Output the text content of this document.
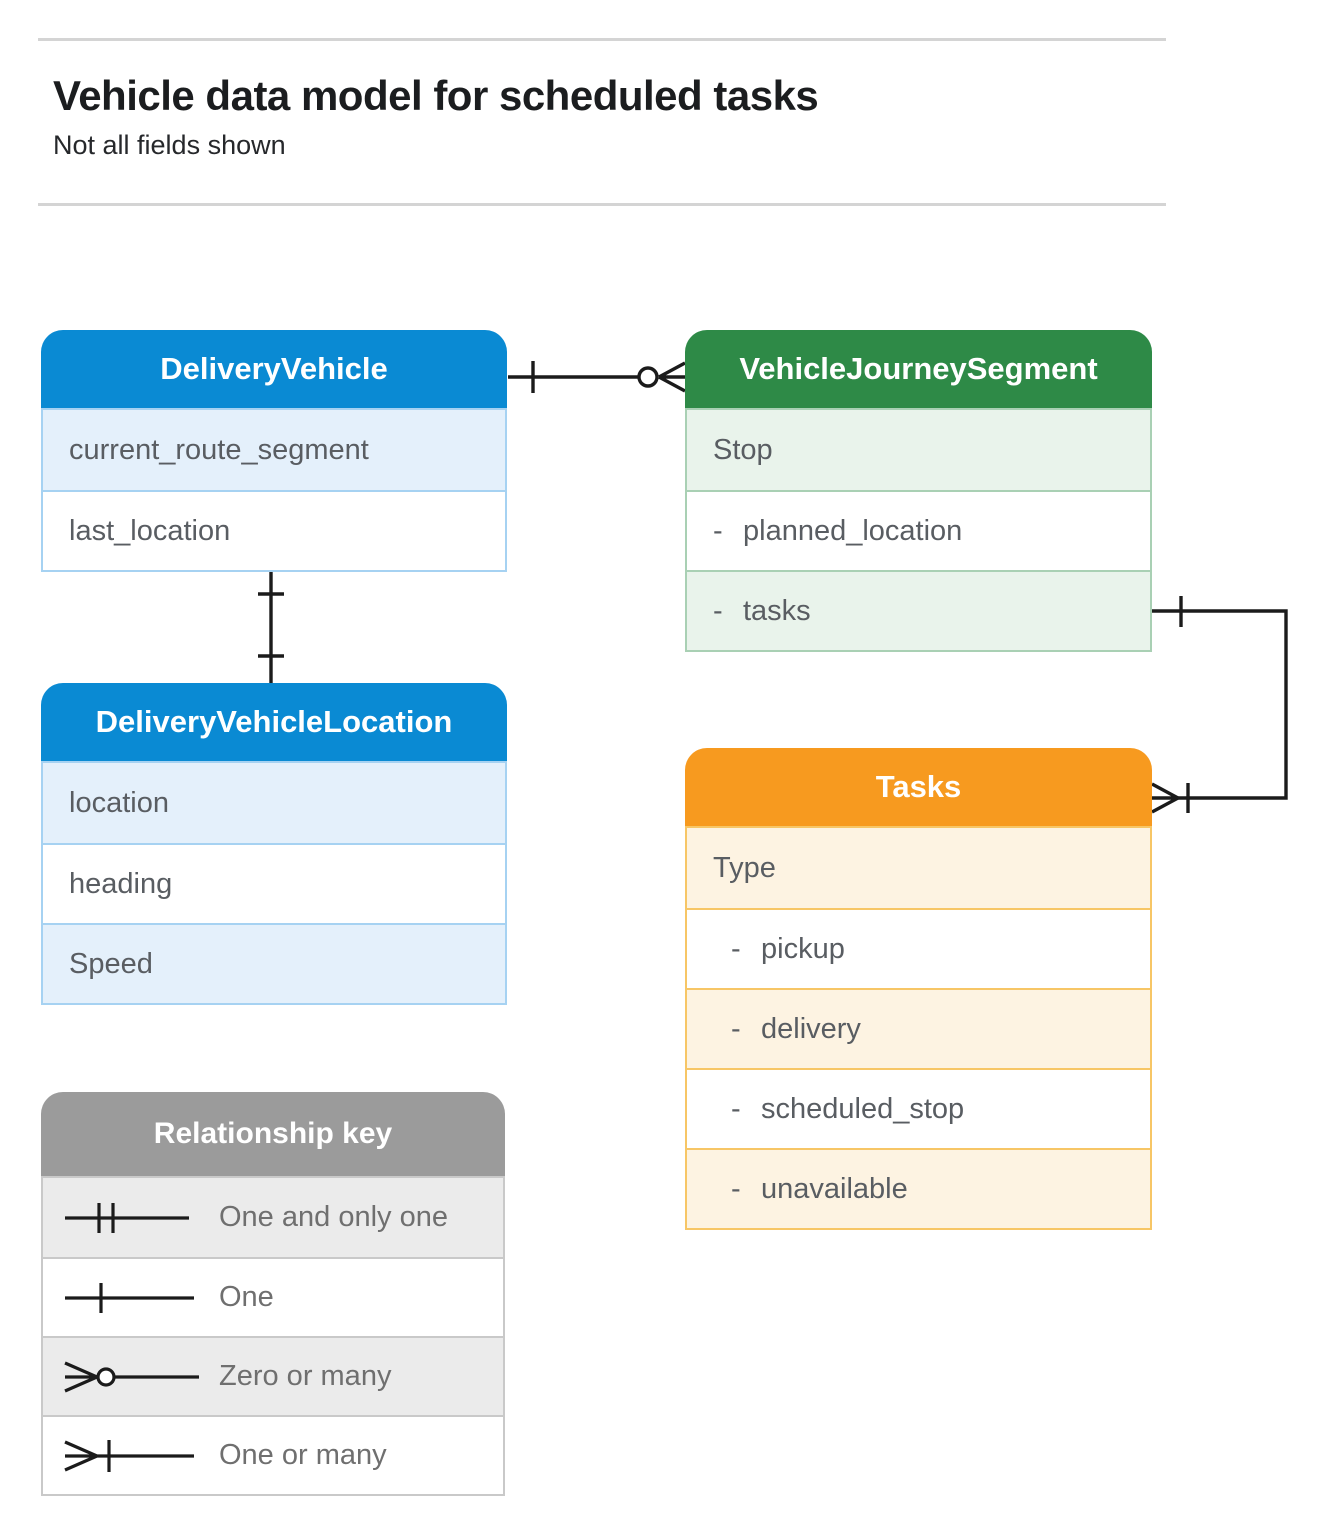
Vehicle data model for scheduled tasks

Not all fields shown

DeliveryVehicle
current_route_segment
last_location
VehicleJourneySegment
Stop
- planned_location
- tasks
DeliveryVehicleLocation
location
heading
Speed
Tasks
Type
- pickup
- delivery
- scheduled_stop
- unavailable
Relationship key
One and only one
One
Zero or many
One or many
